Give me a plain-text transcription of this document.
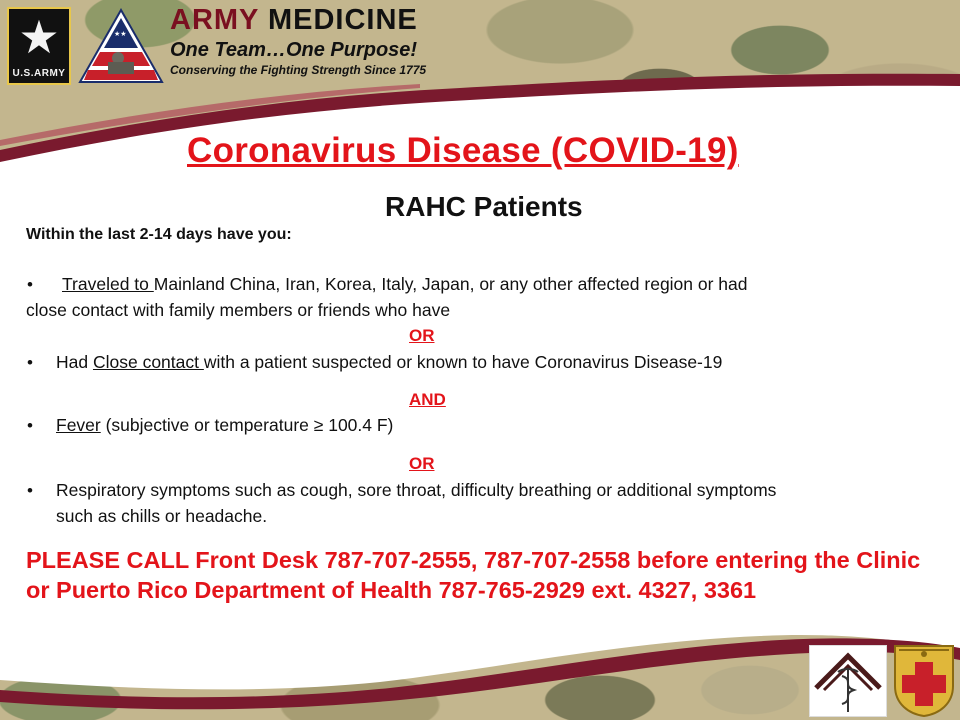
★
U.S.ARMY
★★ ARMY MEDICINE
One Team…One Purpose!
Conserving the Fighting Strength Since 1775
Coronavirus Disease (COVID-19)
RAHC Patients
Within the last 2-14 days have you:
• Traveled to Mainland China, Iran, Korea, Italy, Japan, or any other affected region or had
close contact with family members or friends who have
OR
• Had Close contact with a patient suspected or known to have Coronavirus Disease-19
AND
• Fever (subjective or temperature ≥ 100.4 F)
OR
• Respiratory symptoms such as cough, sore throat, difficulty breathing or additional symptoms
such as chills or headache.
PLEASE CALL Front Desk 787-707-2555, 787-707-2558 before entering the Clinic or Puerto Rico Department of Health 787-765-2929 ext. 4327, 3361
